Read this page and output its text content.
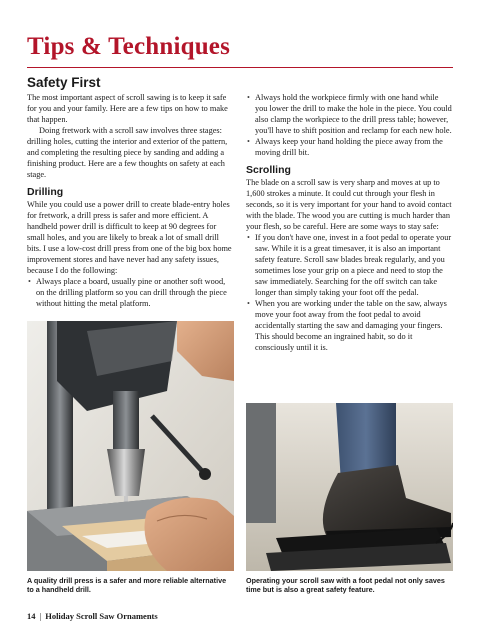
Tips & Techniques
Safety First

The most important aspect of scroll sawing is to keep it safe for you and your family. Here are a few tips on how to make that happen.

Doing fretwork with a scroll saw involves three stages: drilling holes, cutting the interior and exterior of the pattern, and completing the resulting piece by sanding and adding a finishing product. Here are a few thoughts on safety at each stage.

Drilling

While you could use a power drill to create blade-entry holes for fretwork, a drill press is safer and more efficient. A handheld power drill is difficult to keep at 90 degrees for small holes, and you are likely to break a lot of small drill bits. I use a low-cost drill press from one of the big box home improvement stores and have never had any safety issues, because I do the following:

• Always place a board, usually pine or another soft wood, on the drilling platform so you can drill through the piece without hitting the metal platform.
• Always hold the workpiece firmly with one hand while you lower the drill to make the hole in the piece. You could also clamp the workpiece to the drill press table; however, you'll have to shift position and reclamp for each new hole.
• Always keep your hand holding the piece away from the moving drill bit.
Scrolling

The blade on a scroll saw is very sharp and moves at up to 1,600 strokes a minute. It could cut through your flesh in seconds, so it is very important for your hand to avoid contact with the blade. The wood you are cutting is much harder than your flesh, so be careful. Here are some ways to stay safe:

• If you don't have one, invest in a foot pedal to operate your saw. While it is a great timesaver, it is also an important safety feature. Scroll saw blades break regularly, and you sometimes lose your grip on a piece and need to stop the saw immediately. Searching for the off switch can take longer than simply taking your foot off the pedal.
• When you are working under the table on the saw, always move your foot away from the foot pedal to avoid accidentally starting the saw and damaging your fingers. This should become an ingrained habit, so do it consciously until it is.

A quality drill press is a safer and more reliable alternative to a handheld drill.

Operating your scroll saw with a foot pedal not only saves time but is also a great safety feature.

14 | Holiday Scroll Saw Ornaments
